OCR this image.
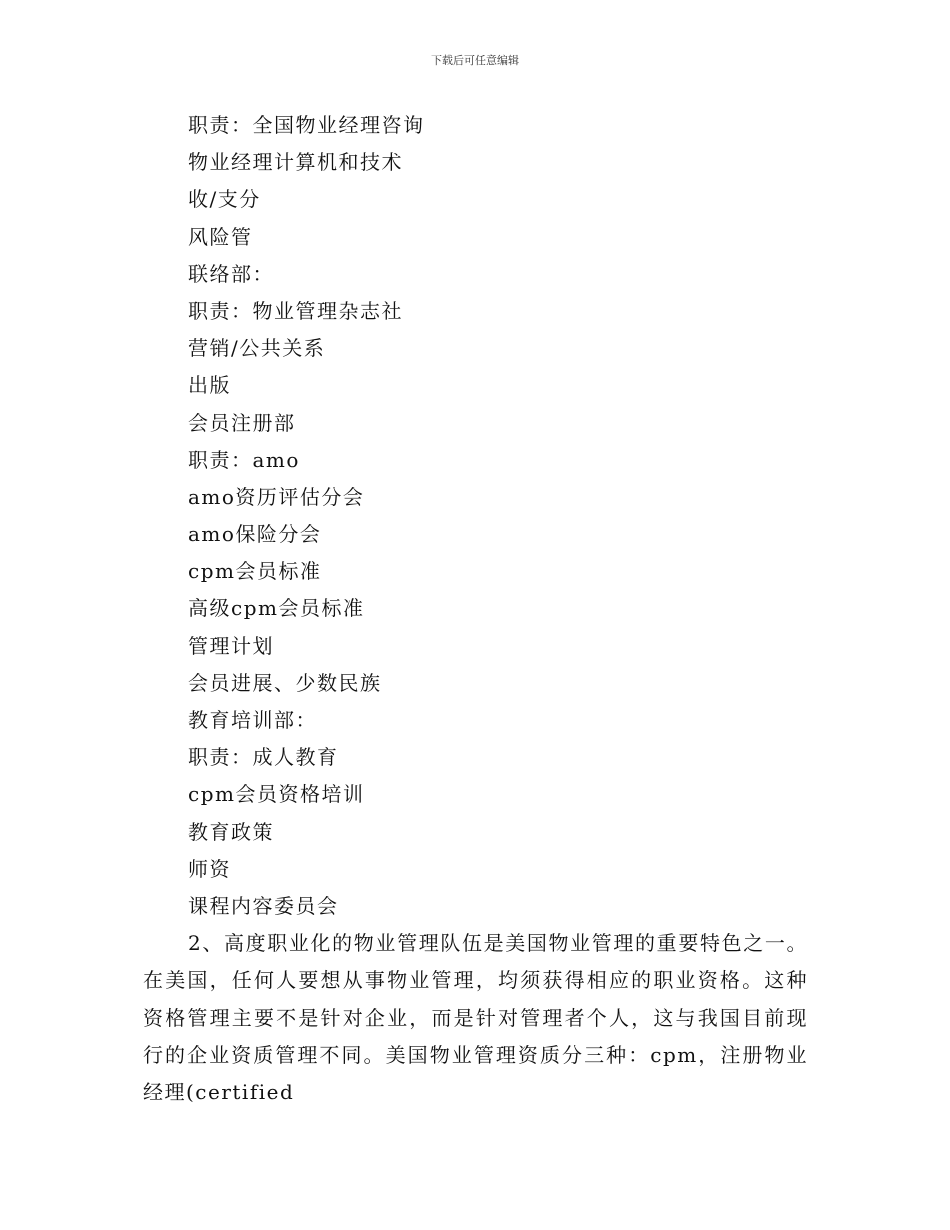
下载后可任意编辑
职责：全国物业经理咨询
物业经理计算机和技术
收/支分
风险管
联络部：
职责：物业管理杂志社
营销/公共关系
出版
会员注册部
职责：amo
amo资历评估分会
amo保险分会
cpm会员标准
高级cpm会员标准
管理计划
会员进展、少数民族
教育培训部：
职责：成人教育
cpm会员资格培训
教育政策
师资
课程内容委员会
2、高度职业化的物业管理队伍是美国物业管理的重要特色之一。在美国，任何人要想从事物业管理，均须获得相应的职业资格。这种资格管理主要不是针对企业，而是针对管理者个人，这与我国目前现行的企业资质管理不同。美国物业管理资质分三种：cpm，注册物业经理(certified
